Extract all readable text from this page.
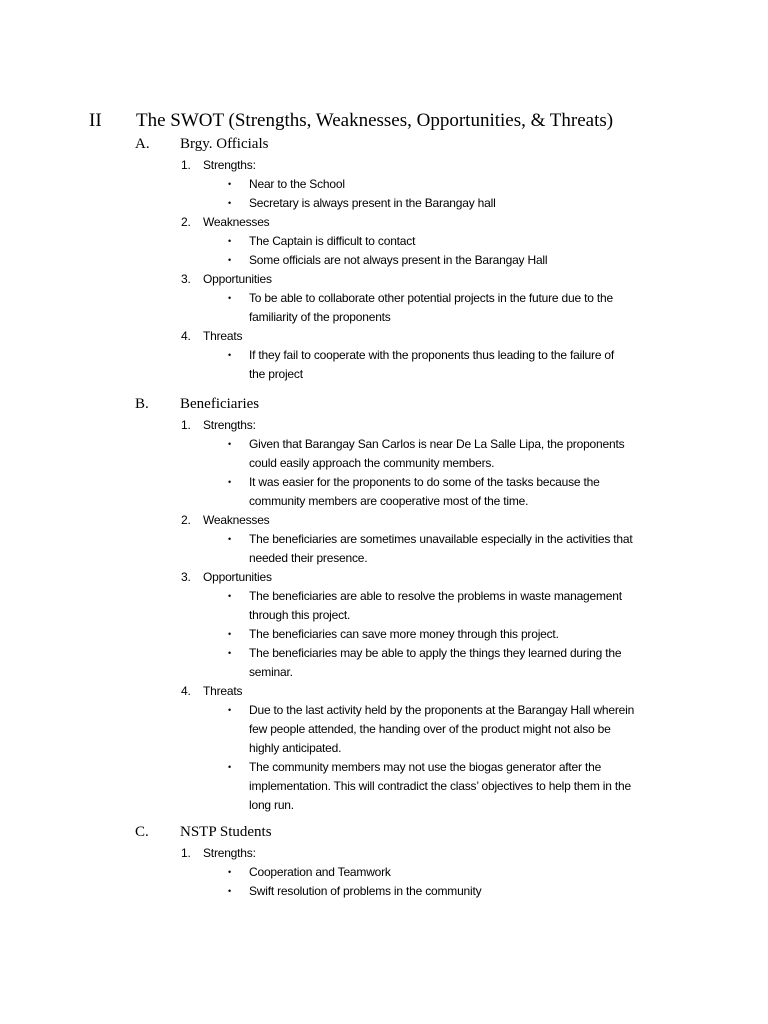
II The SWOT (Strengths, Weaknesses, Opportunities, & Threats)
A. Brgy. Officials
1. Strengths:
• Near to the School
• Secretary is always present in the Barangay hall
2. Weaknesses
• The Captain is difficult to contact
• Some officials are not always present in the Barangay Hall
3. Opportunities
• To be able to collaborate other potential projects in the future due to the
familiarity of the proponents
4. Threats
• If they fail to cooperate with the proponents thus leading to the failure of
the project
B. Beneficiaries
1. Strengths:
• Given that Barangay San Carlos is near De La Salle Lipa, the proponents
could easily approach the community members.
• It was easier for the proponents to do some of the tasks because the
community members are cooperative most of the time.
2. Weaknesses
• The beneficiaries are sometimes unavailable especially in the activities that
needed their presence.
3. Opportunities
• The beneficiaries are able to resolve the problems in waste management
through this project.
• The beneficiaries can save more money through this project.
• The beneficiaries may be able to apply the things they learned during the
seminar.
4. Threats
• Due to the last activity held by the proponents at the Barangay Hall wherein
few people attended, the handing over of the product might not also be
highly anticipated.
• The community members may not use the biogas generator after the
implementation. This will contradict the class’ objectives to help them in the
long run.
C. NSTP Students
1. Strengths:
• Cooperation and Teamwork
• Swift resolution of problems in the community
